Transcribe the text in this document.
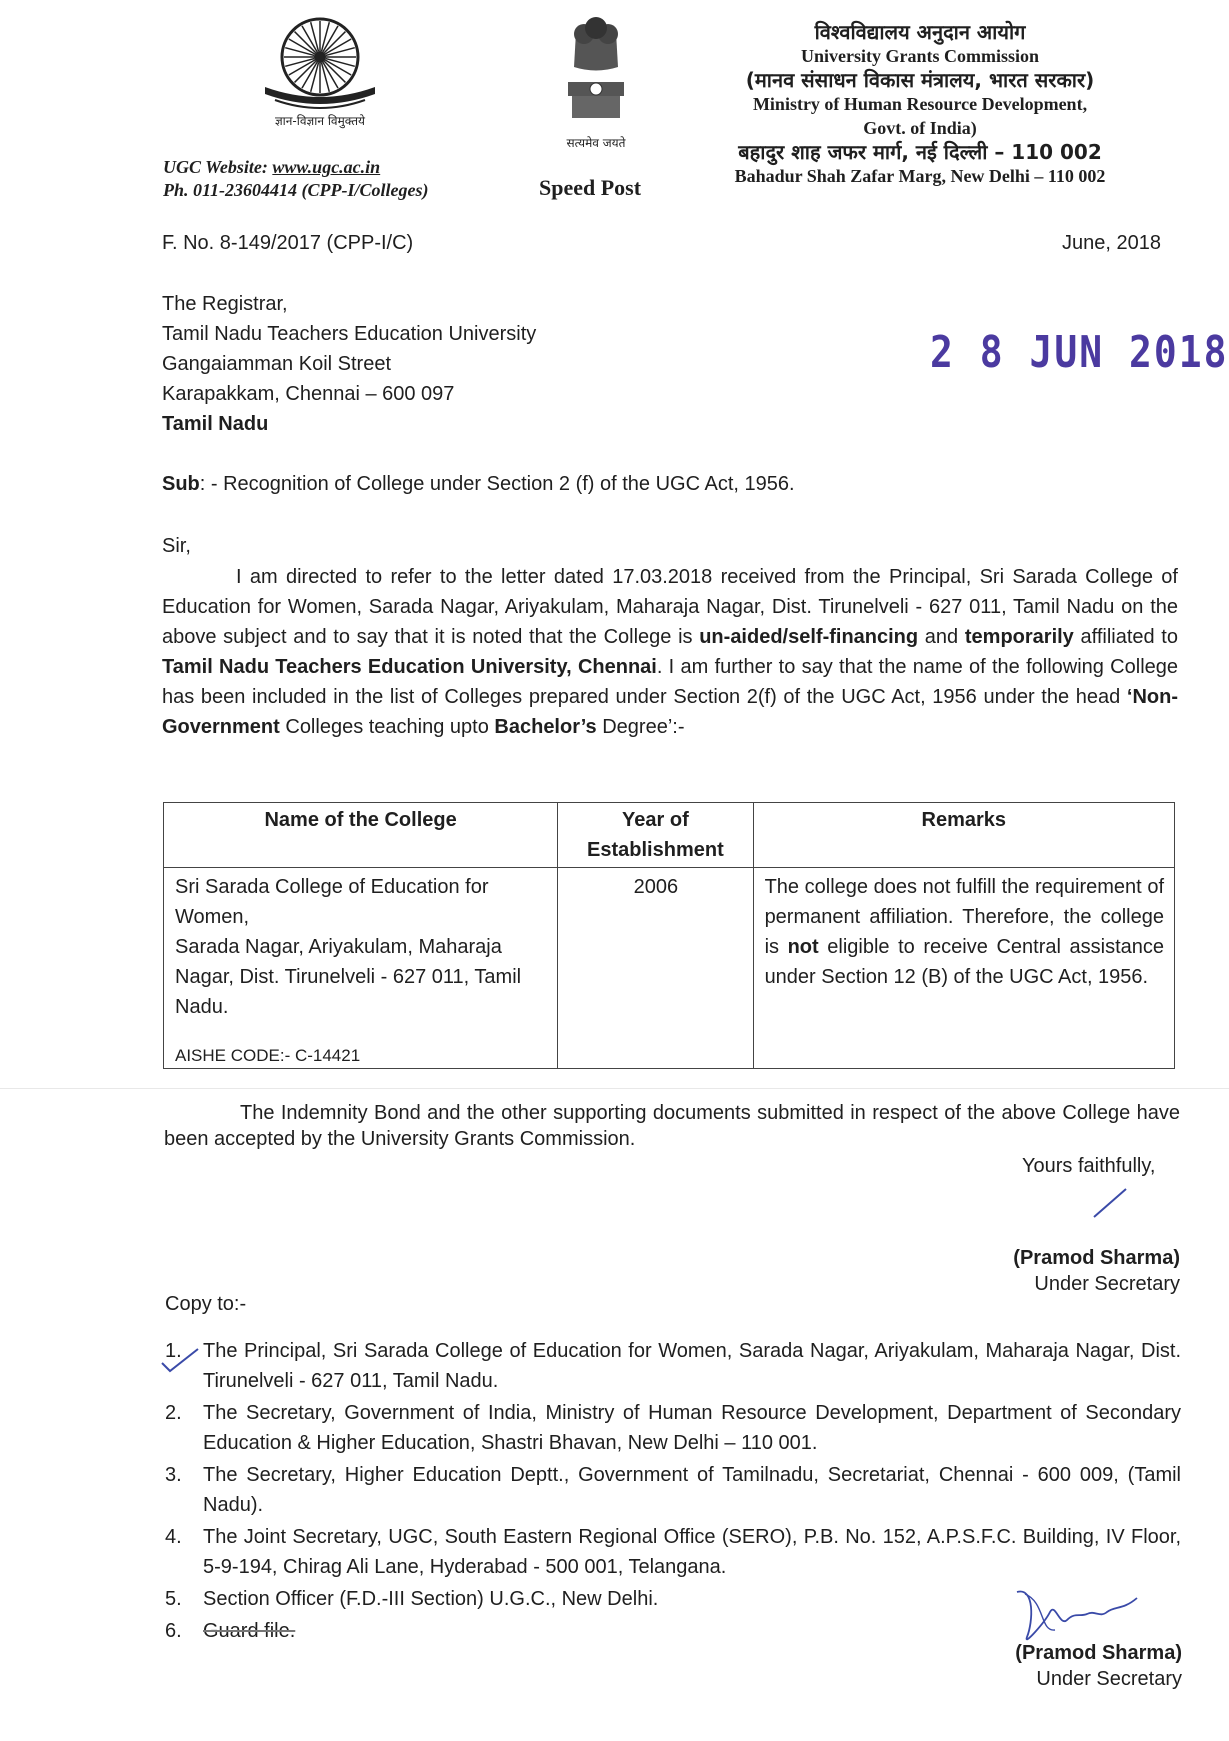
ज्ञान-विज्ञान विमुक्तये
सत्यमेव जयते
विश्वविद्यालय अनुदान आयोग
University Grants Commission
(मानव संसाधन विकास मंत्रालय, भारत सरकार)
Ministry of Human Resource Development,
Govt. of India)
बहादुर शाह जफर मार्ग, नई दिल्ली – 110 002
Bahadur Shah Zafar Marg, New Delhi – 110 002
UGC Website: www.ugc.ac.in
Ph. 011-23604414 (CPP-I/Colleges)	Speed Post
F. No. 8-149/2017 (CPP-I/C)	June, 2018
The Registrar,
Tamil Nadu Teachers Education University
Gangaiamman Koil Street
Karapakkam, Chennai – 600 097
Tamil Nadu
2 8 JUN 2018
Sub: - Recognition of College under Section 2 (f) of the UGC Act, 1956.
Sir,
I am directed to refer to the letter dated 17.03.2018 received from the Principal, Sri Sarada College of Education for Women, Sarada Nagar, Ariyakulam, Maharaja Nagar, Dist. Tirunelveli - 627 011, Tamil Nadu on the above subject and to say that it is noted that the College is un-aided/self-financing and temporarily affiliated to Tamil Nadu Teachers Education University, Chennai. I am further to say that the name of the following College has been included in the list of Colleges prepared under Section 2(f) of the UGC Act, 1956 under the head ‘Non-Government Colleges teaching upto Bachelor’s Degree’:-
Name of the College	Year of Establishment	Remarks

Sri Sarada College of Education for Women,
Sarada Nagar, Ariyakulam, Maharaja Nagar, Dist. Tirunelveli - 627 011, Tamil Nadu.
AISHE CODE:- C-14421	2006	The college does not fulfill the requirement of permanent affiliation. Therefore, the college is not eligible to receive Central assistance under Section 12 (B) of the UGC Act, 1956.
The Indemnity Bond and the other supporting documents submitted in respect of the above College have been accepted by the University Grants Commission.
Yours faithfully,
(Pramod Sharma)
Under Secretary
Copy to:-
1. The Principal, Sri Sarada College of Education for Women, Sarada Nagar, Ariyakulam, Maharaja Nagar, Dist. Tirunelveli - 627 011, Tamil Nadu.
2. The Secretary, Government of India, Ministry of Human Resource Development, Department of Secondary Education & Higher Education, Shastri Bhavan, New Delhi – 110 001.
3. The Secretary, Higher Education Deptt., Government of Tamilnadu, Secretariat, Chennai - 600 009, (Tamil Nadu).
4. The Joint Secretary, UGC, South Eastern Regional Office (SERO), P.B. No. 152, A.P.S.F.C. Building, IV Floor, 5-9-194, Chirag Ali Lane, Hyderabad - 500 001, Telangana.
5. Section Officer (F.D.-III Section) U.G.C., New Delhi.
6. Guard file.
(Pramod Sharma)
Under Secretary
